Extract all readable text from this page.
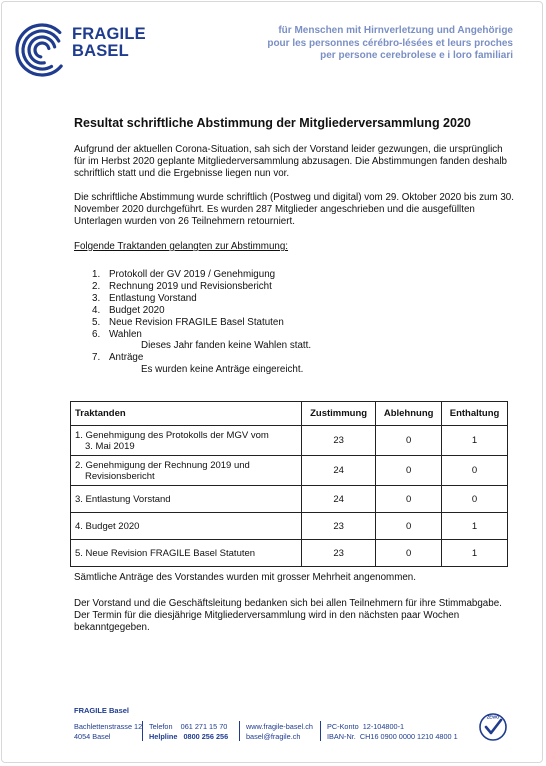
FRAGILE
BASEL
für Menschen mit Hirnverletzung und Angehörige
pour les personnes cérébro-lésées et leurs proches
per persone cerebrolese e i loro familiari
Resultat schriftliche Abstimmung der Mitgliederversammlung 2020
Aufgrund der aktuellen Corona-Situation, sah sich der Vorstand leider gezwungen, die ursprünglich für im Herbst 2020 geplante Mitgliederversammlung abzusagen. Die Abstimmungen fanden deshalb schriftlich statt und die Ergebnisse liegen nun vor.
Die schriftliche Abstimmung wurde schriftlich (Postweg und digital) vom 29. Oktober 2020 bis zum 30. November 2020 durchgeführt. Es wurden 287 Mitglieder angeschrieben und die ausgefüllten Unterlagen wurden von 26 Teilnehmern retourniert.
Folgende Traktanden gelangten zur Abstimmung:
1. Protokoll der GV 2019 / Genehmigung
2. Rechnung 2019 und Revisionsbericht
3. Entlastung Vorstand
4. Budget 2020
5. Neue Revision FRAGILE Basel Statuten
6. Wahlen
Dieses Jahr fanden keine Wahlen statt.
7. Anträge
Es wurden keine Anträge eingereicht.
Traktanden	Zustimmung	Ablehnung	Enthaltung

1. Genehmigung des Protokolls der MGV vom
3. Mai 2019	23	0	1

2. Genehmigung der Rechnung 2019 und
Revisionsbericht	24	0	0
3. Entlastung Vorstand	24	0	0
4. Budget 2020	23	0	1
5. Neue Revision FRAGILE Basel Statuten	23	0	1
Sämtliche Anträge des Vorstandes wurden mit grosser Mehrheit angenommen.
Der Vorstand und die Geschäftsleitung bedanken sich bei allen Teilnehmern für ihre Stimmabgabe. Der Termin für die diesjährige Mitgliederversammlung wird in den nächsten paar Wochen bekanntgegeben.
FRAGILE Basel
Bachlettenstrasse 12
4054 Basel
Telefon 061 271 15 70
Helpline 0800 256 256
www.fragile-basel.ch
basel@fragile.ch
PC-Konto 12-104800-1
IBAN-Nr. CH16 0900 0000 1210 4800 1
ZEWO
